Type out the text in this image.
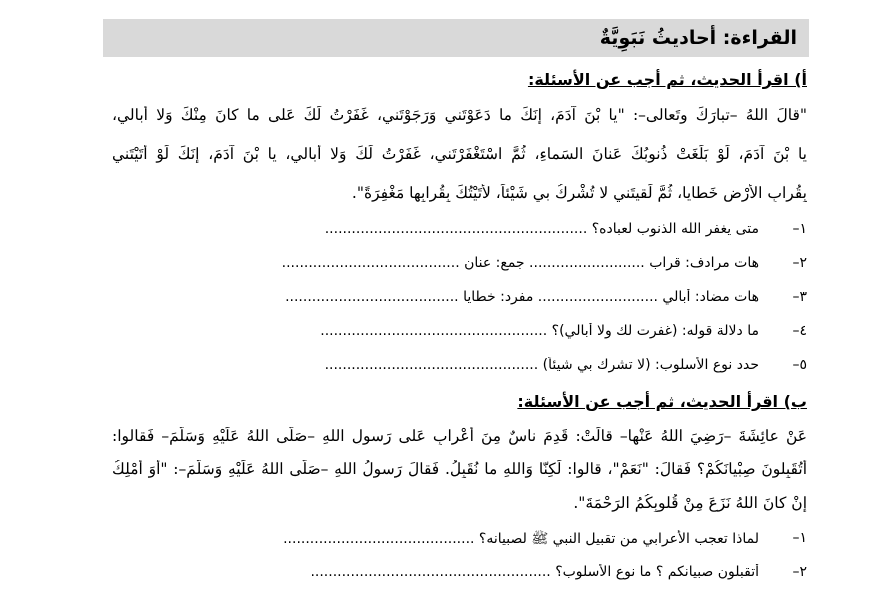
القراءة: أحاديثُ نَبَوِيَّةٌ
أ) اقرأ الحديث، ثم أجب عن الأسئلة:
"قالَ اللهُ –تبارَكَ وتَعالى–: "يا بْنَ آدَمَ، إِنَكَ ما دَعَوْتَني وَرَجَوْتَني، غَفَرْتُ لَكَ عَلى ما كانَ مِنْكَ وَلا أُبالي،
يا بْنَ آدَمَ، لَوْ بَلَغَتْ ذُنوبُكَ عَنانَ السَماءِ، ثُمَّ اسْتَغْفَرْتَني، غَفَرْتُ لَكَ وَلا أُبالي، يا بْنَ آدَمَ، إِنَكَ لَوْ أَتَيْتَني
بِقُرابِ الأَرْضِ خَطايا، ثُمَّ لَقيتَني لا تُشْرِكُ بي شَيْئاً، لأَتَيْتُكَ بِقُرابِها مَغْفِرَةً".
١–
متى يغفر الله الذنوب لعباده؟ ...........................................................
٢–
هات مرادف: قراب .......................... جمع: عنان ........................................
٣–
هات مضاد: أبالي ........................... مفرد: خطايا .......................................
٤–
ما دلالة قوله: (غفرت لك ولا أبالي)؟ ...................................................
٥–
حدد نوع الأسلوب: (لا تشرك بي شيئاً) ................................................
ب) اقرأ الحديث، ثم أجب عن الأسئلة:
عَنْ عائِشَةَ –رَضِيَ اللهُ عَنْها– قالَتْ: قَدِمَ ناسٌ مِنَ أَعْرابٍ عَلى رَسولِ اللهِ –صَلّى اللهُ عَلَيْهِ وَسَلَّمَ– فَقالوا:
أَتُقَبِلونَ صِبْيانَكُمْ؟ فَقالَ: "نَعَمْ"، قالوا: لَكِنّا وَاللهِ ما نُقَبِلُ. فَقالَ رَسولُ اللهِ –صَلّى اللهُ عَلَيْهِ وَسَلَّمَ–: "أَوَ أَمْلِكُ
إِنْ كانَ اللهُ نَزَعَ مِنْ قُلوبِكُمُ الرَحْمَةَ".
١–
لماذا تعجب الأعرابي من تقبيل النبي ﷺ لصبيانه؟ ...........................................
٢–
أتقبلون صبيانكم ؟ ما نوع الأسلوب؟ ......................................................
